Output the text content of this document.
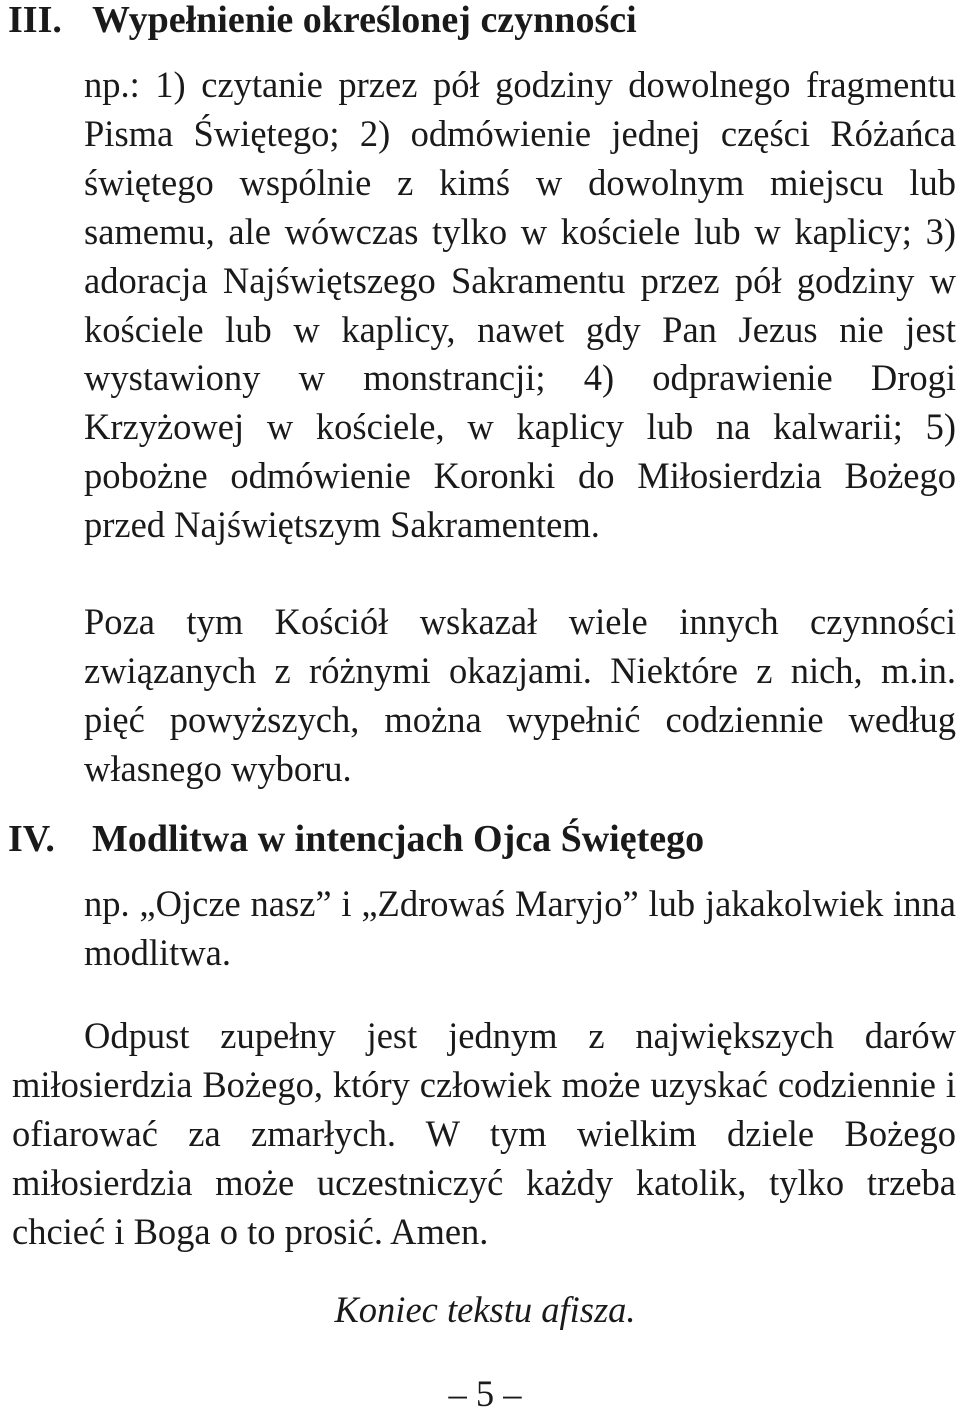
III. Wypełnienie określonej czynności
np.: 1) czytanie przez pół godziny dowolnego fragmentu Pisma Świętego; 2) odmówienie jednej części Różańca świętego wspólnie z kimś w dowolnym miejscu lub samemu, ale wówczas tylko w kościele lub w kaplicy; 3) adoracja Najświętszego Sakramentu przez pół godziny w kościele lub w kaplicy, nawet gdy Pan Jezus nie jest wystawiony w monstrancji; 4) odprawienie Drogi Krzyżowej w kościele, w kaplicy lub na kalwarii; 5) pobożne odmówienie Koronki do Miłosierdzia Bożego przed Najświętszym Sakramentem.
Poza tym Kościół wskazał wiele innych czynności związanych z różnymi okazjami. Niektóre z nich, m.in. pięć powyższych, można wypełnić codziennie według własnego wyboru.
IV. Modlitwa w intencjach Ojca Świętego
np. „Ojcze nasz” i „Zdrowaś Maryjo” lub jakakolwiek inna modlitwa.
Odpust zupełny jest jednym z największych darów miłosierdzia Bożego, który człowiek może uzyskać codziennie i ofiarować za zmarłych. W tym wielkim dziele Bożego miłosierdzia może uczestniczyć każdy katolik, tylko trzeba chcieć i Boga o to prosić. Amen.
Koniec tekstu afisza.
– 5 –
